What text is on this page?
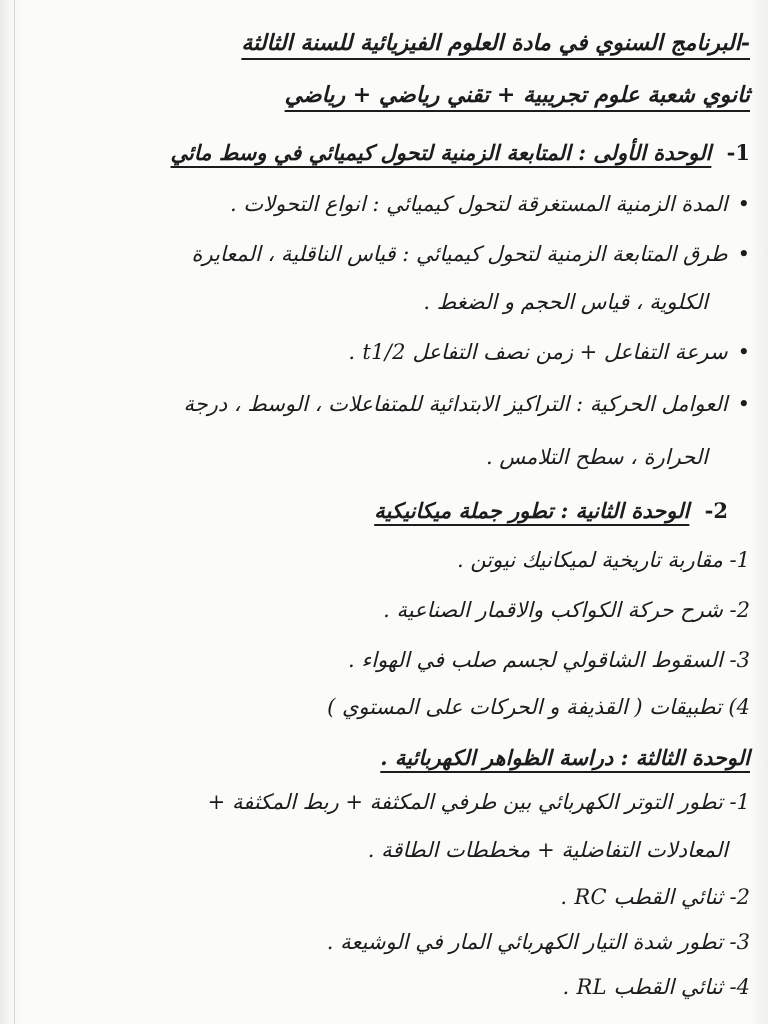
-البرنامج السنوي في مادة العلوم الفيزيائية للسنة الثالثة
ثانوي شعبة علوم تجريبية + تقني رياضي + رياضي
1- الوحدة الأولى : المتابعة الزمنية لتحول كيميائي في وسط مائي
• المدة الزمنية المستغرقة لتحول كيميائي : انواع التحولات .
• طرق المتابعة الزمنية لتحول كيميائي : قياس الناقلية ، المعايرة
الكلوية ، قياس الحجم و الضغط .
• سرعة التفاعل + زمن نصف التفاعل t1/2 .
• العوامل الحركية : التراكيز الابتدائية للمتفاعلات ، الوسط ، درجة
الحرارة ، سطح التلامس .
2- الوحدة الثانية : تطور جملة ميكانيكية
1- مقاربة تاريخية لميكانيك نيوتن .
2- شرح حركة الكواكب والاقمار الصناعية .
3- السقوط الشاقولي لجسم صلب في الهواء .
4) تطبيقات ( القذيفة و الحركات على المستوي )
الوحدة الثالثة : دراسة الظواهر الكهربائية .
1- تطور التوتر الكهربائي بين طرفي المكثفة + ربط المكثفة +
المعادلات التفاضلية + مخططات الطاقة .
2- ثنائي القطب RC .
3- تطور شدة التيار الكهربائي المار في الوشيعة .
4- ثنائي القطب RL .
